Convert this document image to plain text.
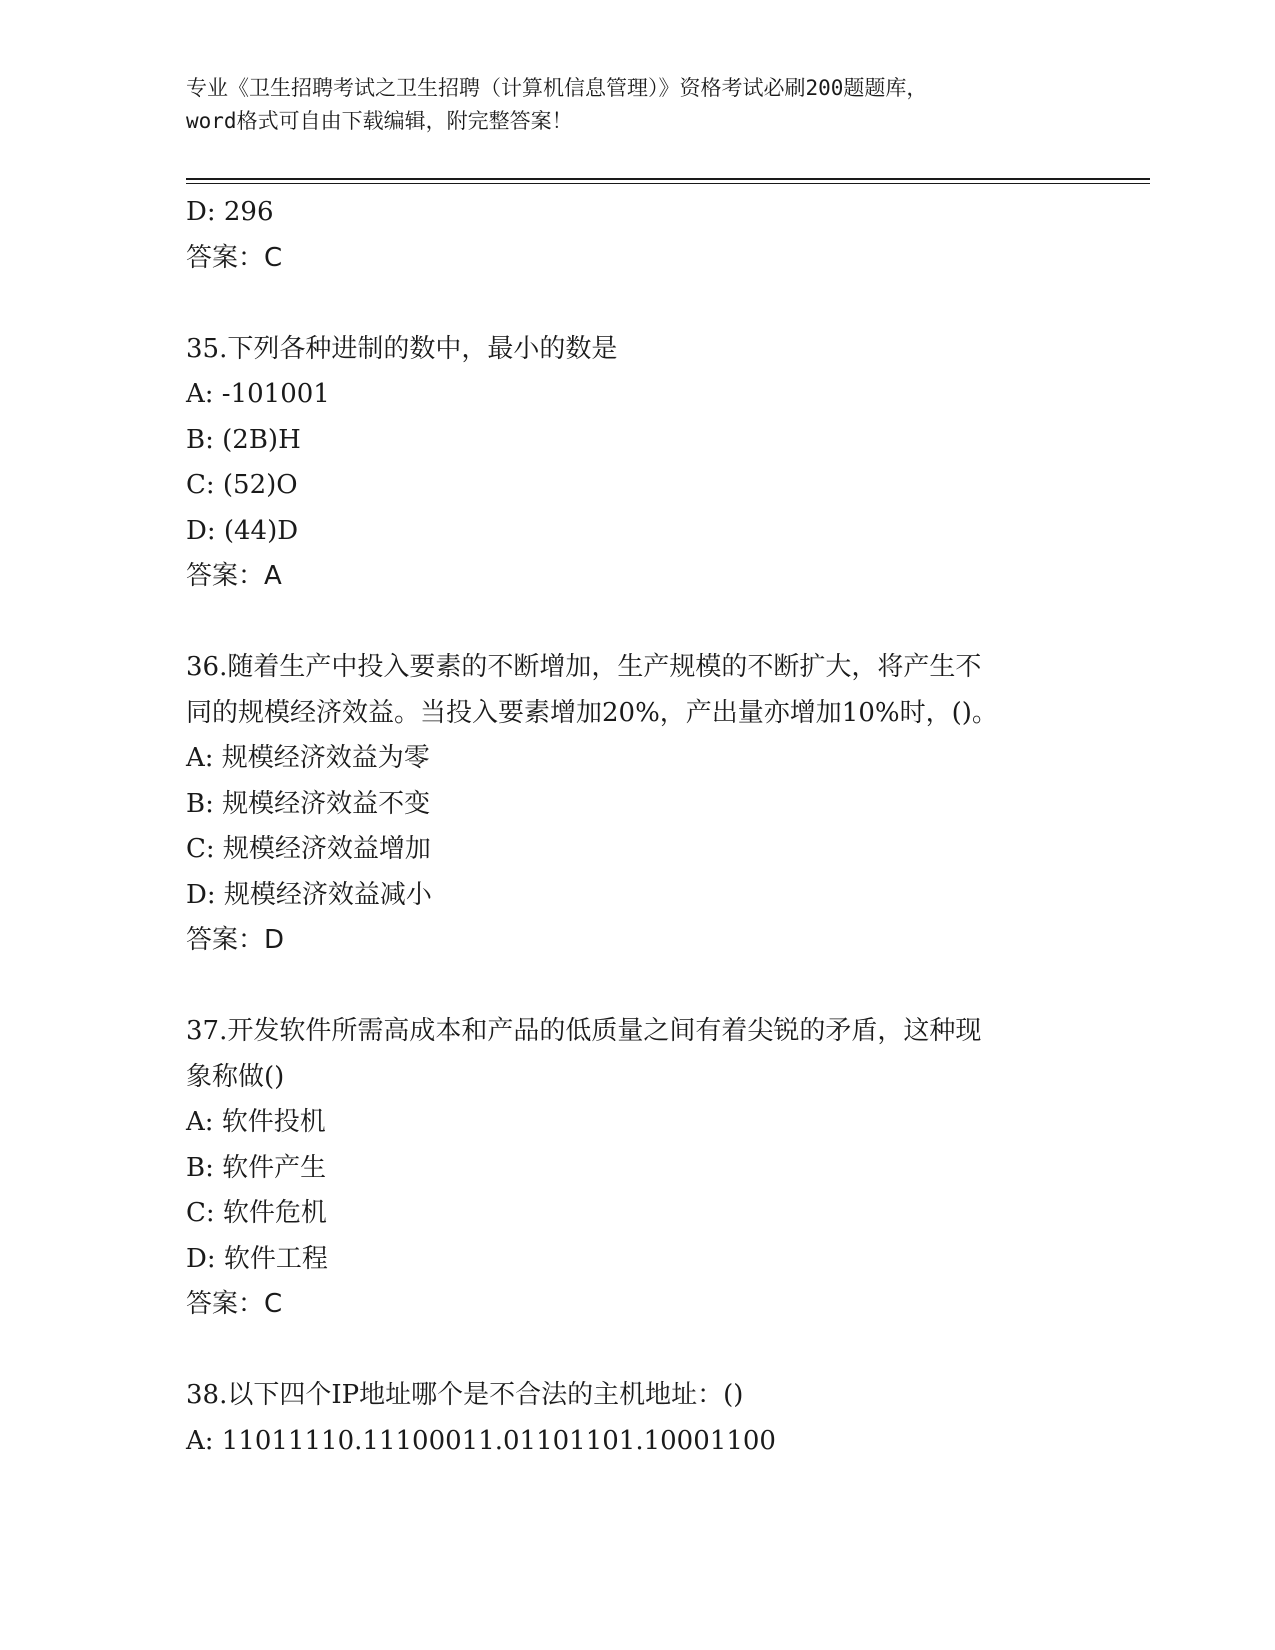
专业《卫生招聘考试之卫生招聘（计算机信息管理）》资格考试必刷200题题库，
word格式可自由下载编辑，附完整答案！
D: 296
答案：C
35.下列各种进制的数中，最小的数是
A: -101001
B: (2B)H
C: (52)O
D: (44)D
答案：A
36.随着生产中投入要素的不断增加，生产规模的不断扩大，将产生不
同的规模经济效益。当投入要素增加20%，产出量亦增加10%时，()。
A: 规模经济效益为零
B: 规模经济效益不变
C: 规模经济效益增加
D: 规模经济效益减小
答案：D
37.开发软件所需高成本和产品的低质量之间有着尖锐的矛盾，这种现
象称做()
A: 软件投机
B: 软件产生
C: 软件危机
D: 软件工程
答案：C
38.以下四个IP地址哪个是不合法的主机地址：()
A: 11011110.11100011.01101101.10001100
